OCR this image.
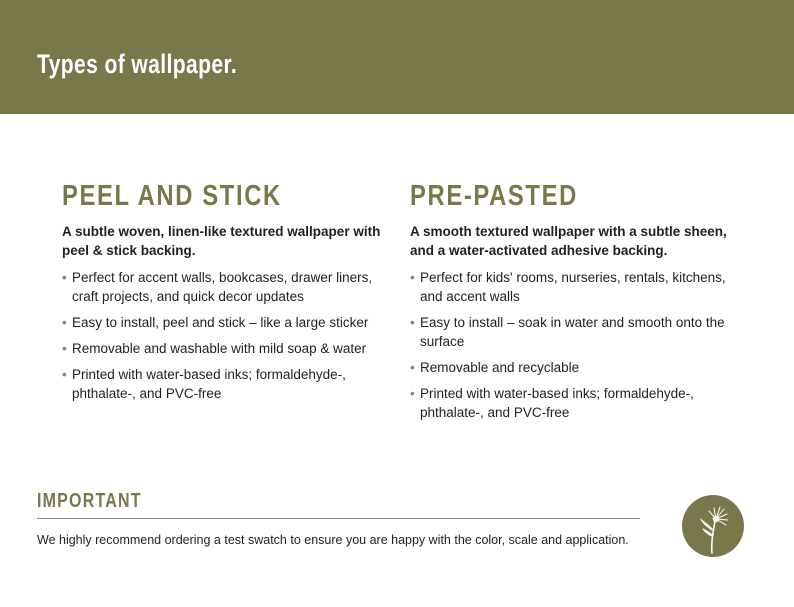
Types of wallpaper.
PEEL AND STICK

A subtle woven, linen-like textured wallpaper with peel & stick backing.

• Perfect for accent walls, bookcases, drawer liners, craft projects, and quick decor updates
• Easy to install, peel and stick – like a large sticker
• Removable and washable with mild soap & water
• Printed with water-based inks; formaldehyde-, phthalate-, and PVC-free
PRE-PASTED

A smooth textured wallpaper with a subtle sheen, and a water-activated adhesive backing.

• Perfect for kids' rooms, nurseries, rentals, kitchens, and accent walls
• Easy to install – soak in water and smooth onto the surface
• Removable and recyclable
• Printed with water-based inks; formaldehyde-, phthalate-, and PVC-free
IMPORTANT

We highly recommend ordering a test swatch to ensure you are happy with the color, scale and application.
